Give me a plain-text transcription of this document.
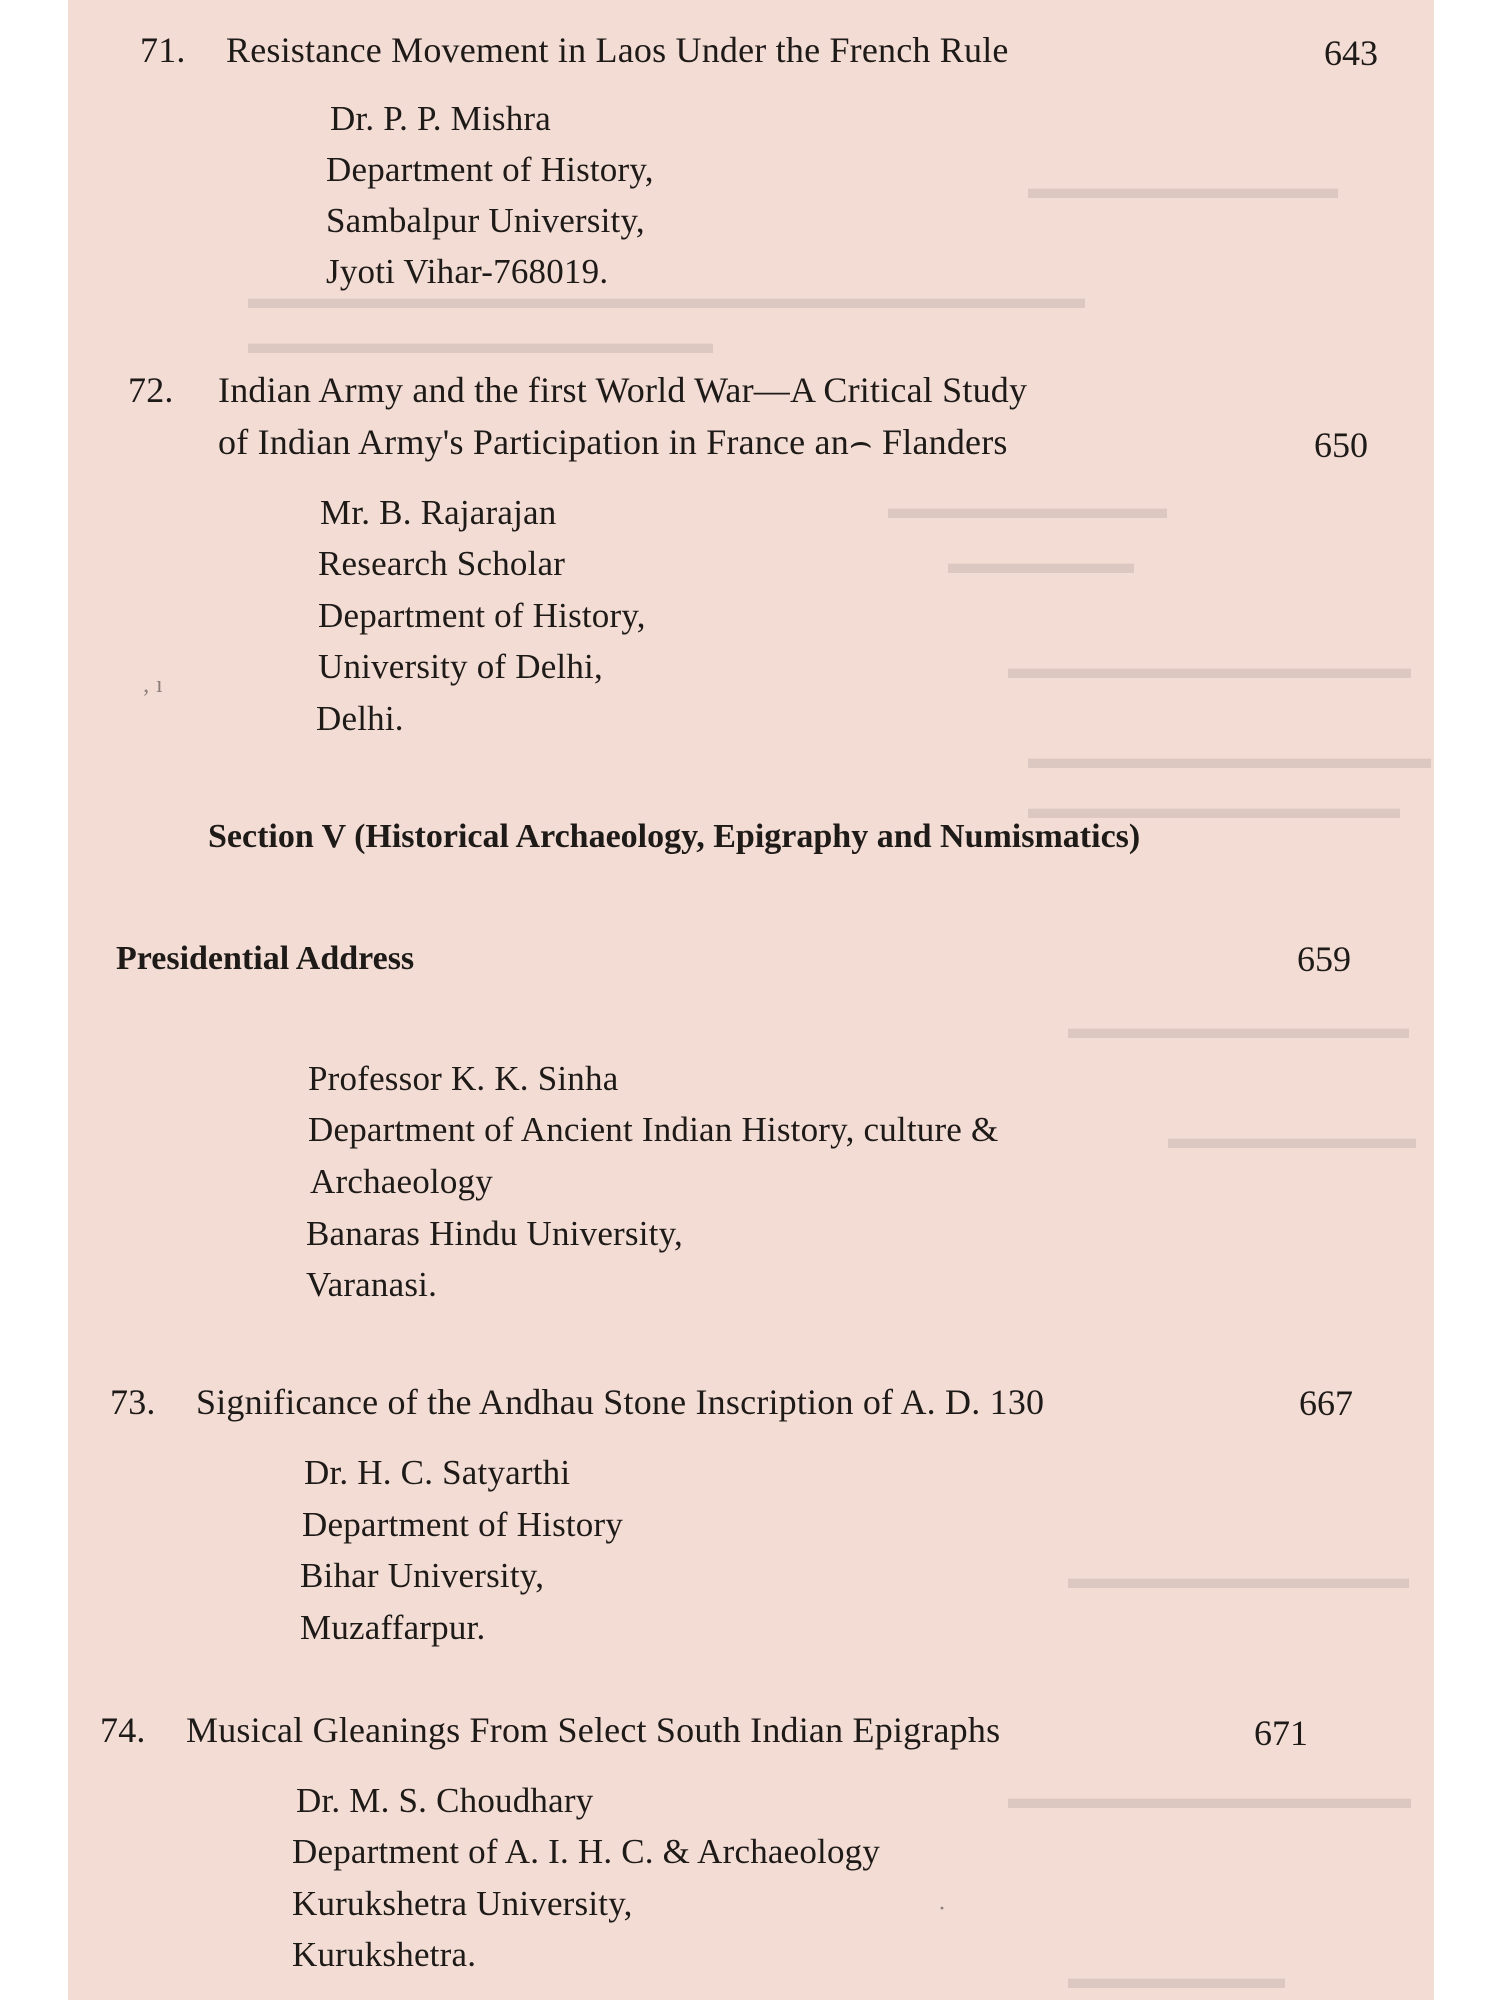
▬▬▬▬▬▬▬▬▬▬
▬▬▬▬▬▬▬▬▬▬▬▬▬▬▬▬▬▬▬▬▬▬▬▬▬▬▬
▬▬▬▬▬▬▬▬▬▬▬▬▬▬▬
▬▬▬▬▬▬▬▬▬
▬▬▬▬▬▬
▬▬▬▬▬▬▬▬▬▬▬▬▬
▬▬▬▬▬▬▬▬▬▬▬▬▬
▬▬▬▬▬▬▬▬▬▬▬▬
▬▬▬▬▬▬▬▬▬▬▬
▬▬▬▬▬▬▬▬
▬▬▬▬▬▬▬▬▬▬▬
▬▬▬▬▬▬▬▬▬▬▬▬▬
▬▬▬▬▬▬▬
71. Resistance Movement in Laos Under the French Rule	643
Dr. P. P. Mishra
Department of History,
Sambalpur University,
Jyoti Vihar-768019.
72. Indian Army and the first World War—A Critical Study
of Indian Army's Participation in France an⌢ Flanders	650
Mr. B. Rajarajan
Research Scholar
Department of History,
University of Delhi,
Delhi.
Section V (Historical Archaeology, Epigraphy and Numismatics)
Presidential Address	659
Professor K. K. Sinha
Department of Ancient Indian History, culture &
Archaeology
Banaras Hindu University,
Varanasi.
73. Significance of the Andhau Stone Inscription of A. D. 130	667
Dr. H. C. Satyarthi
Department of History
Bihar University,
Muzaffarpur.
74. Musical Gleanings From Select South Indian Epigraphs	671
Dr. M. S. Choudhary
Department of A. I. H. C. & Archaeology
Kurukshetra University,
Kurukshetra.
‚ ı
·
